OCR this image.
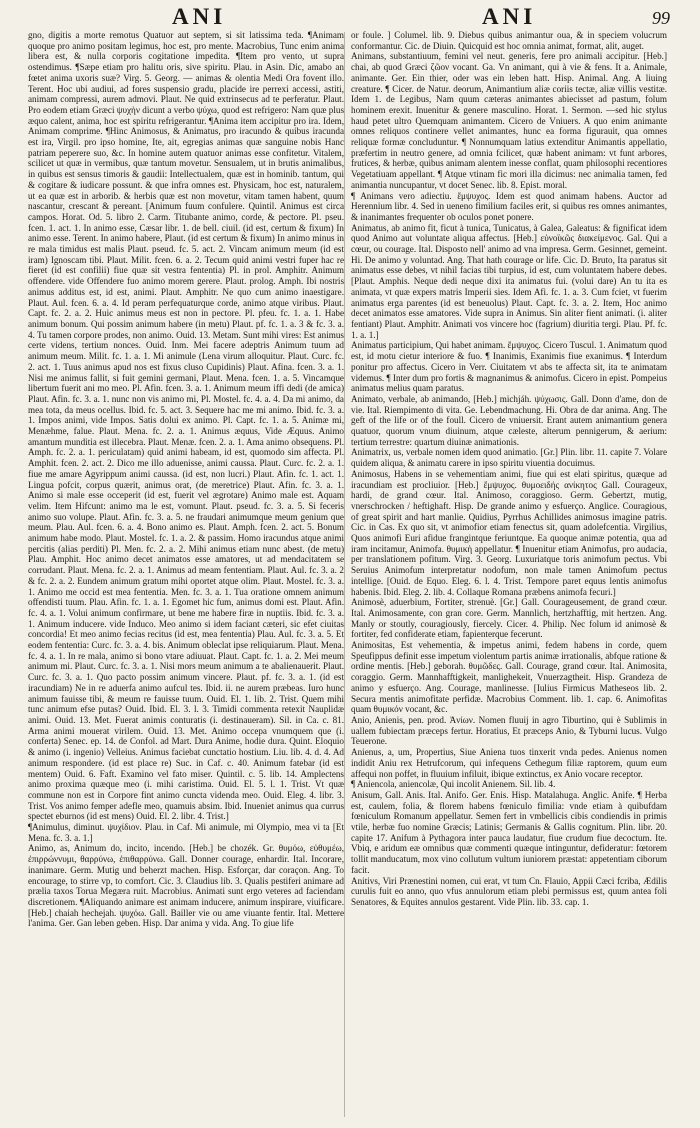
ANI	ANI	99

gno, digitis a morte remotus Quatuor aut septem, si sit latissima teda. ¶Animam quoque pro animo positam legimus, hoc est, pro mente. Macrobius, Tunc enim anima libera est, & nulla corporis cogitatione impedita. ¶Item pro vento, ut supra ostendimus. ¶Sæpe etiam pro halitu oris, sive spiritu. Plau. in Asin. Dic, amabo an fœtet anima uxoris suæ? Virg. 5. Georg. — animas & olentia Medi Ora fovent illo. Terent. Hoc ubi audiui, ad fores suspensio gradu, placide ire perrexi accessi, astiti, animam compressi, aurem admovi. Plaut. Ne quid extrinsecus ad te perferatur. Plaut. Pro eodem etiam Græci ψυχὴν dicunt a verbo ψύχω, quod est refrigero: Nam quæ plus æquo calent, anima, hoc est spiritu refrigerantur. ¶Anima item accipitur pro ira. Idem, Animam comprime. ¶Hinc Animosus, & Animatus, pro iracundo & quibus iracunda est ira, Virgil. pro ipso homine, Ite, ait, egregias animas quæ sanguine nobis Hanc patriam peperere suo, &c. In homine autem quatuor animas esse confitetur. Vitalem, scilicet ut quæ in vermibus, quæ tantum movetur. Sensualem, ut in brutis animalibus, in quibus est sensus timoris & gaudii: Intellectualem, quæ est in hominib. tantum, qui & cogitare & iudicare possunt. & que infra omnes est. Physicam, hoc est, naturalem, ut ea quæ est in arborib. & herbis quæ est non movetur, vitam tamen habent, quum nascantur, crescant & pereant. [Animum fuum confulere. Quintil. Animus est circa campos. Horat. Od. 5. libro 2. Carm. Titubante animo, corde, & pectore. Pl. pseu. fcen. 1. act. 1. In animo esse, Cæsar libr. 1. de bell. ciuil. (id est, certum & fixum) In animo esse. Terent. In animo habere, Plaut. (id est certum & fixum) In animo minus in re mala timidus est malis Plaut. pseud. fc. 5. act. 2. Vincam animum meum (id est iram) Ignoscam tibi. Plaut. Milit. fcen. 6. a. 2. Tecum quid animi vestri fuper hac re fieret (id est confilii) fiue quæ sit vestra fententia) Pl. in prol. Amphitr. Animum offendere. vide Offendere fuo animo morem gerere. Plaut. prolog. Amph. Ibi nostris animus additus est, id est, animi. Plaut. Amphitr. Ne quo cum animo inaestigare. Plaut. Aul. fcen. 6. a. 4. Id peram perfequaturque corde, animo atque viribus. Plaut. Capt. fc. 2. a. 2. Huic animus meus est non in pectore. Pl. pfeu. fc. 1. a. 1. Habe animum bonum. Qui possim animum habere (in metu) Plaut. pf. fc. 1. a. 3 & fc. 3. a. 4. Tu tamen corpore prodes, non animo. Ouid. 13. Metam. Sunt mihi vires: Est animus certe videns, tertium nonces. Ouid. Inm. Mei facere adeptris Animum tuum ad animum meum. Milit. fc. 1. a. 1. Mi animule (Lena virum alloquitur. Plaut. Curc. fc. 2. act. 1. Tuus animus apud nos est fixus cluso Cupidinis) Plaut. Afina. fcen. 3. a. 1. Nisi me animus fallit, si fuit gemini germani, Plaut. Mena. fcen. 1. a. 5. Vincamque libertum fuerit ani mo meo. Pl. Afin. fcen. 3. a. 1. Animum meum iffi dedi (de amica) Plaut. Afin. fc. 3. a. 1. nunc non vis animo mi, Pl. Mostel. fc. 4. a. 4. Da mi animo, da mea tota, da meus ocellus. Ibid. fc. 5. act. 3. Sequere hac me mi animo. Ibid. fc. 3. a. 1. Impos animi, vide Impos. Satis dolui ex animo. Pl. Capt. fc. 1. a. 5. Animæ mi, Menæhme, falue. Plaut. Mena. fc. 2. a. 1. Animus æquus, Vide Æquus. Animo amantum munditia est illecebra. Plaut. Menæ. fcen. 2. a. 1. Ama animo obsequens. Pl. Amph. fc. 2. a. 1. periculatam) quid animi habeam, id est, quomodo sim affecta. Pl. Amphit. fcen. 2. act. 2. Dico me illo aduenisse, animi caussa. Plaut. Curc. fc. 2. a. 1. fiue me amare Agyrippum animi caussa. (id est, non lucri.) Plaut. Afin. fc. 1. act. 1. Lingua pofcit, corpus quærit, animus orat, (de meretrice) Plaut. Afin. fc. 3. a. 1. Animo si male esse occeperit (id est, fuerit vel ægrotare) Animo male est. Aquam velim. Item Hifcunt: animo ma le est, vomunt. Plaut. pseud. fc. 3. a. 5. Si feceris animo suo volupe. Plaut. Afin. fc. 3. a. 5. ne fraudari animumque meum genium que meum. Plau. Aul. fcen. 6. a. 4. Bono animo es. Plaut. Amph. fcen. 2. act. 5. Bonum animum habe modo. Plaut. Mostel. fc. 1. a. 2. & passim. Homo iracundus atque animi percitis (alias perditi) Pl. Men. fc. 2. a. 2. Mihi animus etiam nunc abest. (de metu) Plau. Amphit. Hoc animo decet animatos esse amatores, ut ad mendacitatem se corrudant. Plaut. Mena. fc. 2. a. 1. Animus ad meam fententiam. Plaut. Aul. fc. 3. a. 2 & fc. 2. a. 2. Eundem animum gratum mihi oportet atque olim. Plaut. Mostel. fc. 3. a. 1. Animo me occid est mea fententia. Men. fc. 3. a. 1. Tua oratione omnem animum offendisti tuum. Plau. Afin. fc. 1. a. 1. Egomet hic fum, animus domi est. Plaut. Afin. fc. 4. a. 1. Volui animum confirmare, ut bene me habere firæ in nuptiis. Ibid. fc. 3. a. 1. Animum inducere. vide Induco. Meo animo si idem faciant cæteri, sic efet ciuitas concordia! Et meo animo fecias recitus (id est, mea fententia) Plau. Aul. fc. 3. a. 5. Et eodem fententia: Curc. fc. 3. a. 4. bis. Animum obleclat ipse reliquiarum. Plaut. Mena. fc. 4. a. 1. In re mala, animo si bono vtare adiuuat. Plaut. Capt. fc. 1. a. 2. Mei meum animum mi. Plaut. Curc. fc. 3. a. 1. Nisi mors meum animum a te abalienauerit. Plaut. Curc. fc. 3. a. 1. Quo pacto possim animum vincere. Plaut. pf. fc. 3. a. 1. (id est iracundiam) Ne in re aduerfa animo aufcul tes. Ibid. ii. ne aurem præbeas. Iuro hunc animum fauisse tibi, & meum re fauisse tuum. Ouid. El. 1. lib. 2. Trist. Quem mihi tunc animum efse putas? Ouid. Ibid. El. 3. l. 3. Timidi commenta retexit Nauplidæ animi. Ouid. 13. Met. Fuerat animis conturatis (i. destinaueram). Sil. in Ca. c. 81. Arma animi mouerat virilem. Ouid. 13. Met. Animo occepa vnumquem que (i. conferta) Senec. ep. 14. de Confol. ad Mart. Dura Anime, hodie dura. Quint. Eloquio & animo (i. ingenio) Velleius. Animus faciebat cunctatio hostium. Liu. lib. 4. d. 4. Ad animum respondere. (id est place re) Suc. in Caf. c. 40. Animum fatebar (id est mentem) Ouid. 6. Faft. Examino vel fato miser. Quintil. c. 5. lib. 14. Amplectens animo proxima quæque meo (i. mihi caristima. Ouid. El. 5. l. 1. Trist. Vt quæ commune non est in Corpore fint animo cuncta videnda meo. Ouid. Eleg. 4. libr. 3. Trist. Vos animo femper adefle meo, quamuis absim. Ibid. Inueniet animus qua currus spectet eburnos (id est mens) Ouid. El. 2. libr. 4. Trist.]

¶Animulus, diminut. ψυχίδιον. Plau. in Caf. Mi animule, mi Olympio, mea vi ta [Et Mena. fc. 3. a. 1.]

Animo, as, Animum do, incito, incendo. [Heb.] be chozék. Gr. θυμόω, εὐθυμέω, ἐπιρρώννυμι, θαρρύνω, ἐπιθαρρύνω. Gall. Donner courage, enhardir. Ital. Incorare, inanimare. Germ. Mutig und beherzt machen. Hisp. Esforçar, dar coraçon. Ang. To encourage, to stirre vp, to comfort. Cic. 3. Claudius lib. 3. Qualis pestiferi animare ad prælia taxos Torua Megæra ruit. Macrobius. Animati sunt ergo veteres ad faciendam discretionem. ¶Aliquando animare est animam inducere, animum inspirare, viuificare. [Heb.] chaiah hechejah. ψυχόω. Gall. Bailler vie ou ame viuante fentir. Ital. Mettere l'anima. Ger. Gan leben geben. Hisp. Dar anima y vida. Ang. To giue life

or foule. ] Columel. lib. 9. Diebus quibus animantur oua, & in speciem volucrum conformantur. Cic. de Diuin. Quicquid est hoc omnia animat, format, alit, auget.

Animans, substantiuum, femini vel neut. generis, fere pro animali accipitur. [Heb.] chai, ab quod Græci ζῶον vocant. Ga. Vn animant, qui à vie & fens. It a. Animale, animante. Ger. Ein thier, oder was ein leben hatt. Hisp. Animal. Ang. A liuing creature. ¶ Cicer. de Natur. deorum, Animantium aliæ coriis tectæ, aliæ villis vestitæ. Idem 1. de Legibus, Nam quum cæteras animantes abiecisset ad pastum, folum hominem erexit. Inuenitur & genere masculino. Horat. 1. Sermon. —sed hic stylus haud petet ultro Quemquam animantem. Cicero de Vniuers. A quo enim animante omnes reliquos continere vellet animantes, hunc ea forma figurauit, qua omnes reliquæ formæ concluduntur. ¶ Nonnumquam latius extenditur Animantis appellatio, præfertim in neutro genere, ad omnia fcilicet, quæ habent animam: vt funt arbores, frutices, & herbæ, quibus animam alentem inesse conflat, quam philosophi recentiores Vegetatiuam appellant. ¶ Atque vtinam fic mori illa dicimus: nec animalia tamen, fed animantia nuncupantur, vt docet Senec. lib. 8. Epist. moral.

¶ Animans vero adiectiu. ἔμψυχος. Idem est quod animam habens. Auctor ad Herennium libr. 4. Sed in ueneno fimilium faciles erit, si quibus res omnes animantes, & inanimantes frequenter ob oculos ponet ponere.

Animatus, ab animo fit, ficut à tunica, Tunicatus, à Galea, Galeatus: & fignificat idem quod Animo aut voluntate aliqua affectus. [Heb.] εὐνοϊκῶς διακείμενος. Gal. Qui a cœur, ou courage. Ital. Disposto nell' animo ad vna impresa. Germ. Gesinnet, gemeint. Hi. De animo y voluntad. Ang. That hath courage or life. Cic. D. Bruto, Ita paratus sit animatus esse debes, vt nihil facias tibi turpius, id est, cum voluntatem habere debes. [Plaut. Amphis. Neque dedi neque dixi ita animatus fui. (volui dare) An tu ita es animata, vt quæ expers matris Imperii sies. Idem Afi. fc. 1. a. 3. Cum fciet, vt fuerim animatus erga parentes (id est beneuolus) Plaut. Capt. fc. 3. a. 2. Item, Hoc animo decet animatos esse amatores. Vide supra in Animus. Sin aliter fient animati. (i. aliter fentiant) Plaut. Amphitr. Animati vos vincere hoc (fagrium) diuritia tergi. Plau. Pf. fc. 1. a. 1.]

Animatus participium, Qui habet animam. ἔμψυχος. Cicero Tuscul. 1. Animatum quod est, id motu cietur interiore & fuo. ¶ Inanimis, Exanimis fiue exanimus. ¶ Interdum ponitur pro affectus. Cicero in Verr. Ciuitatem vt abs te affecta sit, ita te animatam videmus. ¶ Inter dum pro fortis & magnanimus & animofus. Cicero in epist. Pompeius animatus melius quam paratus.

Animato, verbale, ab animando, [Heb.] michjáh. ψύχωσις. Gall. Donn d'ame, don de vie. Ital. Riempimento di vita. Ge. Lebendmachung. Hi. Obra de dar anima. Ang. The geft of the life or of the foull. Cicero de vniuersit. Erant autem animantium genera quatuor, quorum vnum diuinum, atque cæleste, alterum pennigerum, & aerium: tertium terrestre: quartum diuinæ animationis.

Animatrix, us, verbale nomen idem quod animatio. [Gr.] Plin. libr. 11. capite 7. Volare quidem aliqua, & animatu carere in ipso spiritu viuentia docuimus.

Animosus, Habens in se vehementiam animi, fiue qui est elati spiritus, quæque ad iracundiam est procliuior. [Heb.] ἔμψυχος. θυμοειδής ανίκητος Gall. Courageux, hardi, de grand cœur. Ital. Animoso, coraggioso. Germ. Gebertzt, mutig, vnerschrocken / heftighaft. Hisp. De grande animo y esfuerço. Anglice. Couragious, of great spirit and hart manlie. Quidius, Pyrrhus Achillides animosus imagine patris. Cic. in Cas. Ex quo sit, vt animofior etiam fenectus sit, quam adolefcentia. Virgilius, Quos animofi Euri afidue frangintque feriuntque. Ea quoque animæ potentia, qua ad iram incitamur, Animofa. θυμικὴ appellatur. ¶ Inuenitur etiam Animofus, pro audacia, per translationem pofitum. Virg. 3. Georg. Luxuriatque toris animofum pectus. Vbi Seruius Animofum interpretatur nodofum, non male tamen Animofum pectus intellige. [Ouid. de Equo. Eleg. 6. l. 4. Trist. Tempore paret equus lentis animofus habenis. Ibid. Eleg. 2. lib. 4. Collaque Romana præbens animofa fecuri.]

Animosè, aduerbium, Fortiter, strenuè. [Gr.] Gall. Courageusement, de grand cœur. Ital. Animosamente, con gran core. Germ. Mannlich, hertzhafftig, mit hertzen. Ang. Manly or stoutly, couragiously, fiercely. Cicer. 4. Philip. Nec folum id animosè & fortiter, fed confiderate etiam, fapienterque fecerunt.

Animositas, Est vehementia, & impetus animi, fedem habens in corde, quem Speufippus definit esse impetum violentum partis animæ irrationalis, abfque ratione & ordine mentis. [Heb.] geborah. θυμῶδες. Gall. Courage, grand cœur. Ital. Animosita, coraggio. Germ. Mannhafftigkeit, manlighekeit, Vnuerzagtheit. Hisp. Grandeza de animo y esfuerço. Ang. Courage, manlinesse. [Iulius Firmicus Matheseos lib. 2. Secura mentis animofitate perfidæ. Macrobius Comment. lib. 1. cap. 6. Animofitas quam θυμικόν vocant, &c.

Anio, Anienis, pen. prod. Ἀνίων. Nomen fluuij in agro Tiburtino, qui è Sublimis in uallem fubiectam præceps fertur. Horatius, Et præceps Anio, & Tyburni lucus. Vulgo Teuerone.

Anienus, a, um, Propertius, Siue Aniena tuos tinxerit vnda pedes. Anienus nomen indidit Aniu rex Hetrufcorum, qui infequens Cethegum filiæ raptorem, quum eum affequi non poffet, in fluuium infiluit, ibique extinctus, ex Anio vocare receptor.

¶ Aniencola, aniencolæ, Qui incolit Anienem. Sil. lib. 4.

Anisum, Gall. Anis. Ital. Anifo. Ger. Enis. Hisp. Matalahuga. Anglic. Anife. ¶ Herba est, caulem, folia, & florem habens fœniculo fimilia: vnde etiam à quibufdam fœniculum Romanum appellatur. Semen fert in vmbellicis cibis condiendis in primis vtile, herbæ fuo nomine Græcis; Latinis; Germanis & Gallis cognitum. Plin. libr. 20. capite 17. Anifum à Pythagora inter pauca laudatur, fiue crudum fiue decoctum. Ite. Vbiq, e aridum eæ omnibus quæ commenti quæque intinguntur, defideratur: fœtorem tollit manducatum, mox vino collutum vultum iuniorem præstat: appetentiam ciborum facit.

Anitivs, Viri Prænestini nomen, cui erat, vt tum Cn. Flauio, Appii Cæci fcriba, Ædilis curulis fuit eo anno, quo vfus annulorum etiam plebi permissus est, quum antea foli Senatores, & Equites annulos gestarent. Vide Plin. lib. 33. cap. 1.
